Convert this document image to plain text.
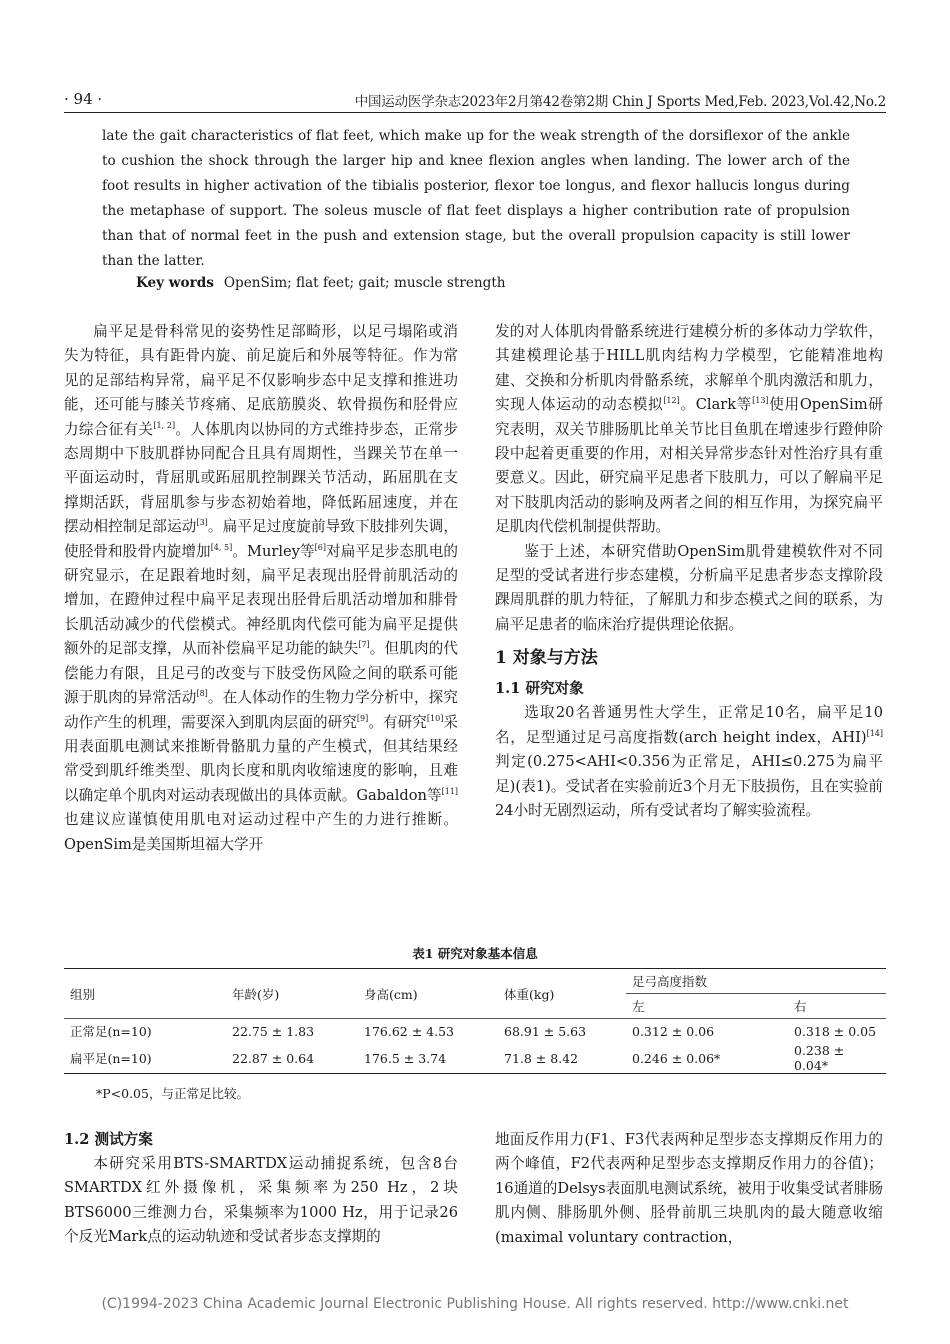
· 94 ·	中国运动医学杂志2023年2月第42卷第2期 Chin J Sports Med,Feb. 2023,Vol.42,No.2
late the gait characteristics of flat feet, which make up for the weak strength of the dorsiflexor of the ankle to cushion the shock through the larger hip and knee flexion angles when landing. The lower arch of the foot results in higher activation of the tibialis posterior, flexor toe longus, and flexor hallucis longus during the metaphase of support. The soleus muscle of flat feet displays a higher contribution rate of propulsion than that of normal feet in the push and extension stage, but the overall propulsion capacity is still lower than the latter.
Key words OpenSim; flat feet; gait; muscle strength

扁平足是骨科常见的姿势性足部畸形，以足弓塌陷或消失为特征，具有距骨内旋、前足旋后和外展等特征。作为常见的足部结构异常，扁平足不仅影响步态中足支撑和推进功能，还可能与膝关节疼痛、足底筋膜炎、软骨损伤和胫骨应力综合征有关[1, 2]。人体肌肉以协同的方式维持步态，正常步态周期中下肢肌群协同配合且具有周期性，当踝关节在单一平面运动时，背屈肌或跖屈肌控制踝关节活动，跖屈肌在支撑期活跃，背屈肌参与步态初始着地，降低跖屈速度，并在摆动相控制足部运动[3]。扁平足过度旋前导致下肢排列失调，使胫骨和股骨内旋增加[4, 5]。Murley等[6]对扁平足步态肌电的研究显示，在足跟着地时刻，扁平足表现出胫骨前肌活动的增加，在蹬伸过程中扁平足表现出胫骨后肌活动增加和腓骨长肌活动减少的代偿模式。神经肌肉代偿可能为扁平足提供额外的足部支撑，从而补偿扁平足功能的缺失[7]。但肌肉的代偿能力有限，且足弓的改变与下肢受伤风险之间的联系可能源于肌肉的异常活动[8]。在人体动作的生物力学分析中，探究动作产生的机理，需要深入到肌肉层面的研究[9]。有研究[10]采用表面肌电测试来推断骨骼肌力量的产生模式，但其结果经常受到肌纤维类型、肌肉长度和肌肉收缩速度的影响，且难以确定单个肌肉对运动表现做出的具体贡献。Gabaldon等[11]也建议应谨慎使用肌电对运动过程中产生的力进行推断。OpenSim是美国斯坦福大学开

发的对人体肌肉骨骼系统进行建模分析的多体动力学软件，其建模理论基于HILL肌肉结构力学模型，它能精准地构建、交换和分析肌肉骨骼系统，求解单个肌肉激活和肌力，实现人体运动的动态模拟[12]。Clark等[13]使用OpenSim研究表明，双关节腓肠肌比单关节比目鱼肌在增速步行蹬伸阶段中起着更重要的作用，对相关异常步态针对性治疗具有重要意义。因此，研究扁平足患者下肢肌力，可以了解扁平足对下肢肌肉活动的影响及两者之间的相互作用，为探究扁平足肌肉代偿机制提供帮助。

鉴于上述，本研究借助OpenSim肌骨建模软件对不同足型的受试者进行步态建模，分析扁平足患者步态支撑阶段踝周肌群的肌力特征，了解肌力和步态模式之间的联系，为扁平足患者的临床治疗提供理论依据。

1 对象与方法
1.1 研究对象

选取20名普通男性大学生，正常足10名，扁平足10名，足型通过足弓高度指数(arch height index，AHI)[14]判定(0.275<AHI<0.356为正常足，AHI≤0.275为扁平足)(表1)。受试者在实验前近3个月无下肢损伤，且在实验前24小时无剧烈运动，所有受试者均了解实验流程。

表1 研究对象基本信息
组别	年龄(岁)	身高(cm)	体重(kg)	足弓高度指数	
				左	右
正常足(n=10)	22.75 ± 1.83	176.62 ± 4.53	68.91 ± 5.63	0.312 ± 0.06	0.318 ± 0.05
扁平足(n=10)	22.87 ± 0.64	176.5 ± 3.74	71.8 ± 8.42	0.246 ± 0.06*	0.238 ± 0.04*
*P<0.05，与正常足比较。
1.2 测试方案

本研究采用BTS-SMARTDX运动捕捉系统，包含8台SMARTDX红外摄像机，采集频率为250 Hz，2块BTS6000三维测力台，采集频率为1000 Hz，用于记录26个反光Mark点的运动轨迹和受试者步态支撑期的

地面反作用力(F1、F3代表两种足型步态支撑期反作用力的两个峰值，F2代表两种足型步态支撑期反作用力的谷值)；16通道的Delsys表面肌电测试系统，被用于收集受试者腓肠肌内侧、腓肠肌外侧、胫骨前肌三块肌肉的最大随意收缩(maximal voluntary contraction，

(C)1994-2023 China Academic Journal Electronic Publishing House. All rights reserved. http://www.cnki.net
